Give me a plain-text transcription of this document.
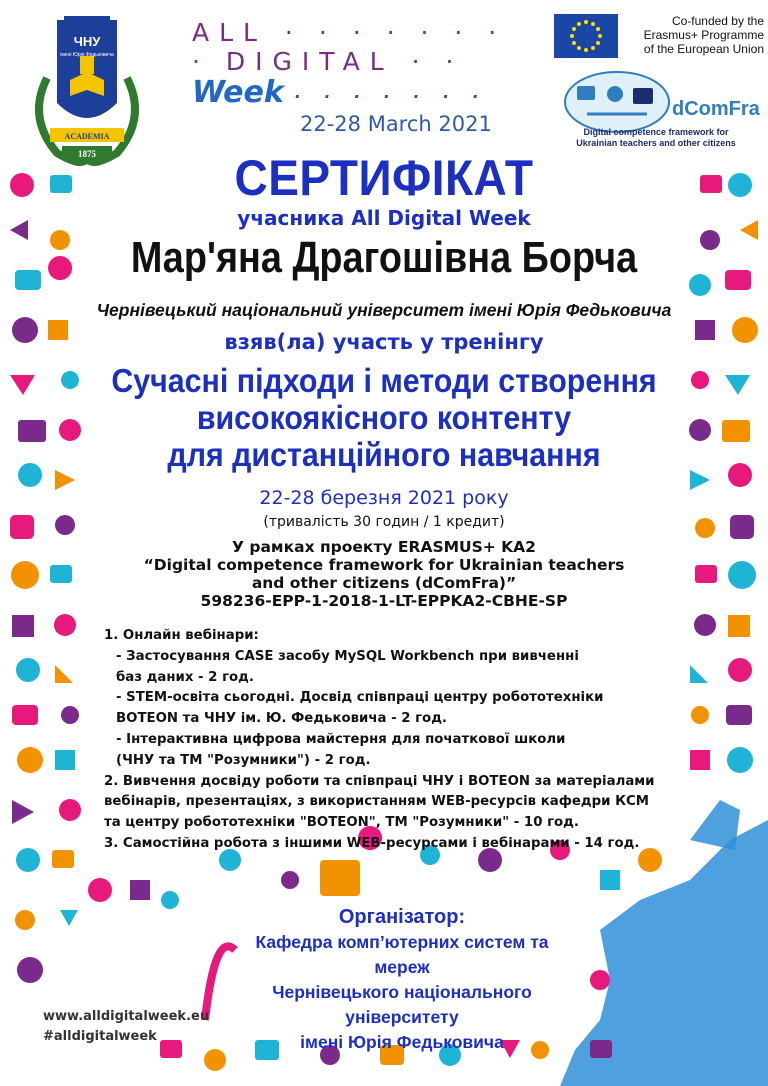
ЧНУ
імені Юрія Федьковича
ACADEMIA
1875
ALL · · · · · · ·
· DIGITAL · ·
Week · · · · · · ·
22-28 March 2021
Co-funded by the
Erasmus+ Programme
of the European Union
dComFra
Digital competence framework for
Ukrainian teachers and other citizens
СЕРТИФІКАТ
учасника All Digital Week
Мар'яна Драгошівна Борча
Чернівецький національний університет імені Юрія Федьковича
взяв(ла) участь у тренінгу
Сучасні підходи і методи створення
високоякісного контенту
для дистанційного навчання
22-28 березня 2021 року
(тривалість 30 годин / 1 кредит)
У рамках проекту ERASMUS+ KA2
“Digital competence framework for Ukrainian teachers
and other citizens (dComFra)”
598236-EPP-1-2018-1-LT-EPPKA2-CBHE-SP
1. Онлайн вебінари:
- Застосування CASE засобу MySQL Workbench при вивченні
баз даних - 2 год.
- STEM-освіта сьогодні. Досвід співпраці центру робототехніки
BOTEON та ЧНУ ім. Ю. Федьковича - 2 год.
- Інтерактивна цифрова майстерня для початкової школи
(ЧНУ та ТМ "Розумники") - 2 год.
2. Вивчення досвіду роботи та співпраці ЧНУ і BOTEON за матеріалами
вебінарів, презентаціях, з використанням WEB-ресурсів кафедри КСМ
та центру робототехніки "BOTEON", ТМ "Розумники" - 10 год.
3. Самостійна робота з іншими WEB-ресурсами і вебінарами - 14 год.
Організатор:
Кафедра комп’ютерних систем та мереж
Чернівецького національного університету
імені Юрія Федьковича
www.alldigitalweek.eu
#alldigitalweek
